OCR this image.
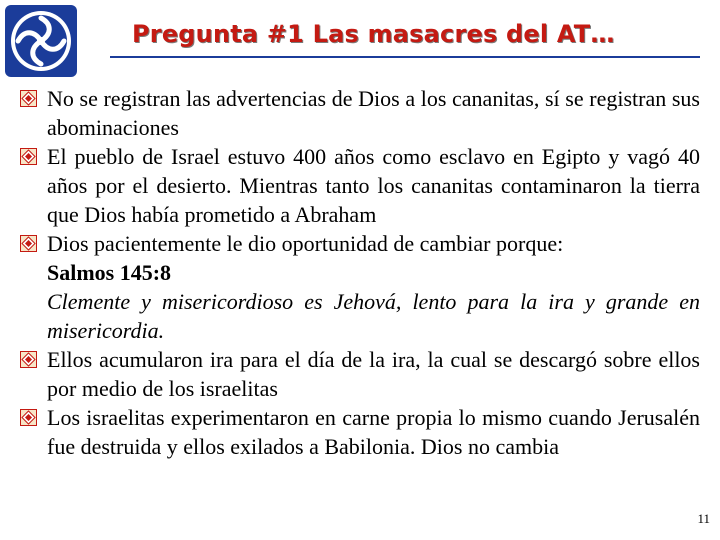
Pregunta #1 Las masacres del AT…
No se registran las advertencias de Dios a los cananitas, sí se registran sus abominaciones
El pueblo de Israel estuvo 400 años como esclavo en Egipto y vagó 40 años por el desierto. Mientras tanto los cananitas contaminaron la tierra que Dios había prometido a Abraham
Dios pacientemente le dio oportunidad de cambiar porque:
Salmos 145:8
Clemente y misericordioso es Jehová, lento para la ira y grande en misericordia.
Ellos acumularon ira para el día de la ira, la cual se descargó sobre ellos por medio de los israelitas
Los israelitas experimentaron en carne propia lo mismo cuando Jerusalén fue destruida y ellos exilados a Babilonia. Dios no cambia
11
